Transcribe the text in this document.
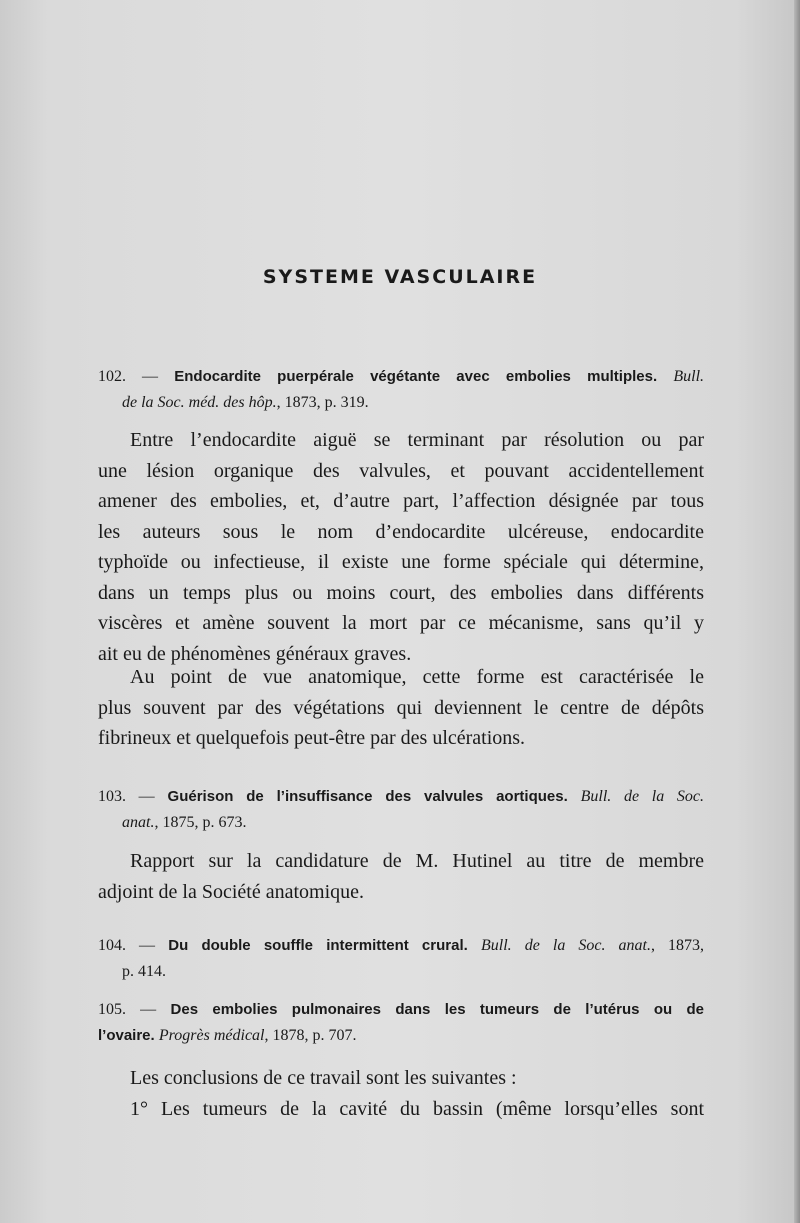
SYSTEME VASCULAIRE
102. — Endocardite puerpérale végétante avec embolies multiples. Bull.
de la Soc. méd. des hôp., 1873, p. 319.

Entre l’endocardite aiguë se terminant par résolution ou par

une lésion organique des valvules, et pouvant accidentellement

amener des embolies, et, d’autre part, l’affection désignée par tous

les auteurs sous le nom d’endocardite ulcéreuse, endocardite

typhoïde ou infectieuse, il existe une forme spéciale qui détermine,

dans un temps plus ou moins court, des embolies dans différents

viscères et amène souvent la mort par ce mécanisme, sans qu’il y

ait eu de phénomènes généraux graves.

Au point de vue anatomique, cette forme est caractérisée le

plus souvent par des végétations qui deviennent le centre de dépôts

fibrineux et quelquefois peut-être par des ulcérations.

103. — Guérison de l’insuffisance des valvules aortiques. Bull. de la Soc.
anat., 1875, p. 673.

Rapport sur la candidature de M. Hutinel au titre de membre

adjoint de la Société anatomique.

104. — Du double souffle intermittent crural. Bull. de la Soc. anat., 1873,
p. 414.
105. — Des embolies pulmonaires dans les tumeurs de l’utérus ou de
l’ovaire. Progrès médical, 1878, p. 707.

Les conclusions de ce travail sont les suivantes :

1° Les tumeurs de la cavité du bassin (même lorsqu’elles sont
